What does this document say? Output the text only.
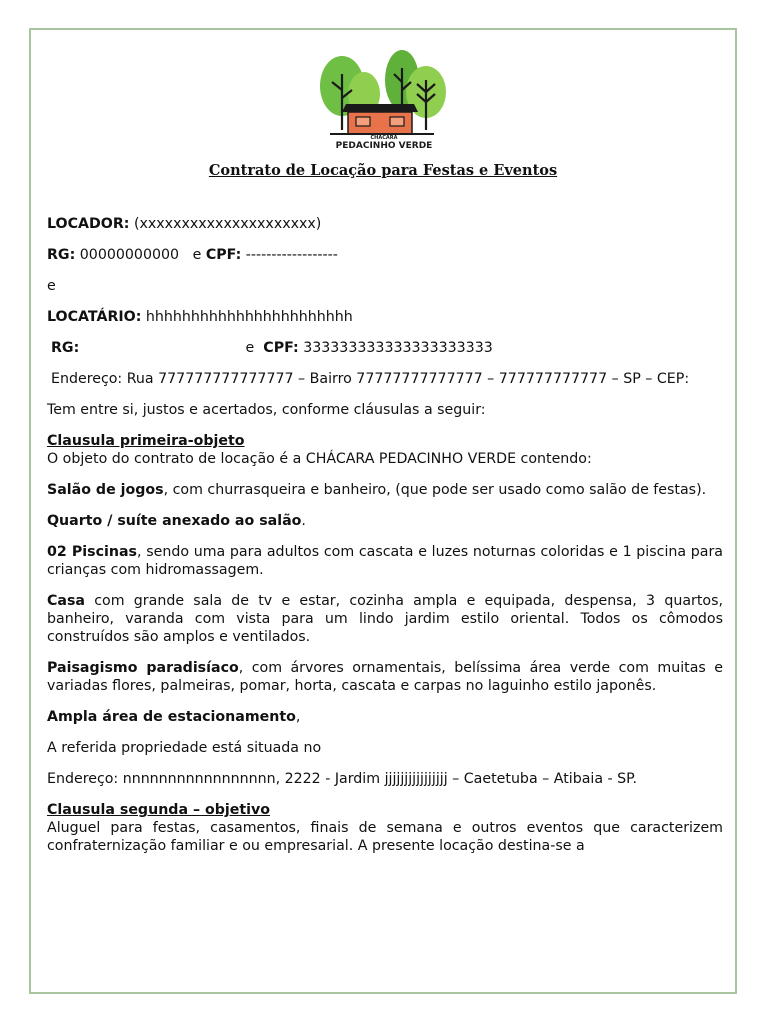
CHÁCARA
PEDACINHO VERDE
Contrato de Locação para Festas e Eventos

LOCADOR: (xxxxxxxxxxxxxxxxxxxxx)

RG: 00000000000 e CPF: ------------------

e

LOCATÁRIO: hhhhhhhhhhhhhhhhhhhhhhh

RG:	e CPF: 333333333333333333333

Endereço: Rua 777777777777777 – Bairro 77777777777777 – 777777777777 – SP – CEP:

Tem entre si, justos e acertados, conforme cláusulas a seguir:

Clausula primeira-objeto

O objeto do contrato de locação é a CHÁCARA PEDACINHO VERDE contendo:

Salão de jogos, com churrasqueira e banheiro, (que pode ser usado como salão de festas).

Quarto / suíte anexado ao salão.

02 Piscinas, sendo uma para adultos com cascata e luzes noturnas coloridas e 1 piscina para crianças com hidromassagem.

Casa com grande sala de tv e estar, cozinha ampla e equipada, despensa, 3 quartos, banheiro, varanda com vista para um lindo jardim estilo oriental. Todos os cômodos construídos são amplos e ventilados.

Paisagismo paradisíaco, com árvores ornamentais, belíssima área verde com muitas e variadas flores, palmeiras, pomar, horta, cascata e carpas no laguinho estilo japonês.

Ampla área de estacionamento,

A referida propriedade está situada no

Endereço: nnnnnnnnnnnnnnnnn, 2222 - Jardim jjjjjjjjjjjjjjjj – Caetetuba – Atibaia - SP.

Clausula segunda – objetivo

Aluguel para festas, casamentos, finais de semana e outros eventos que caracterizem confraternização familiar e ou empresarial. A presente locação destina-se a
